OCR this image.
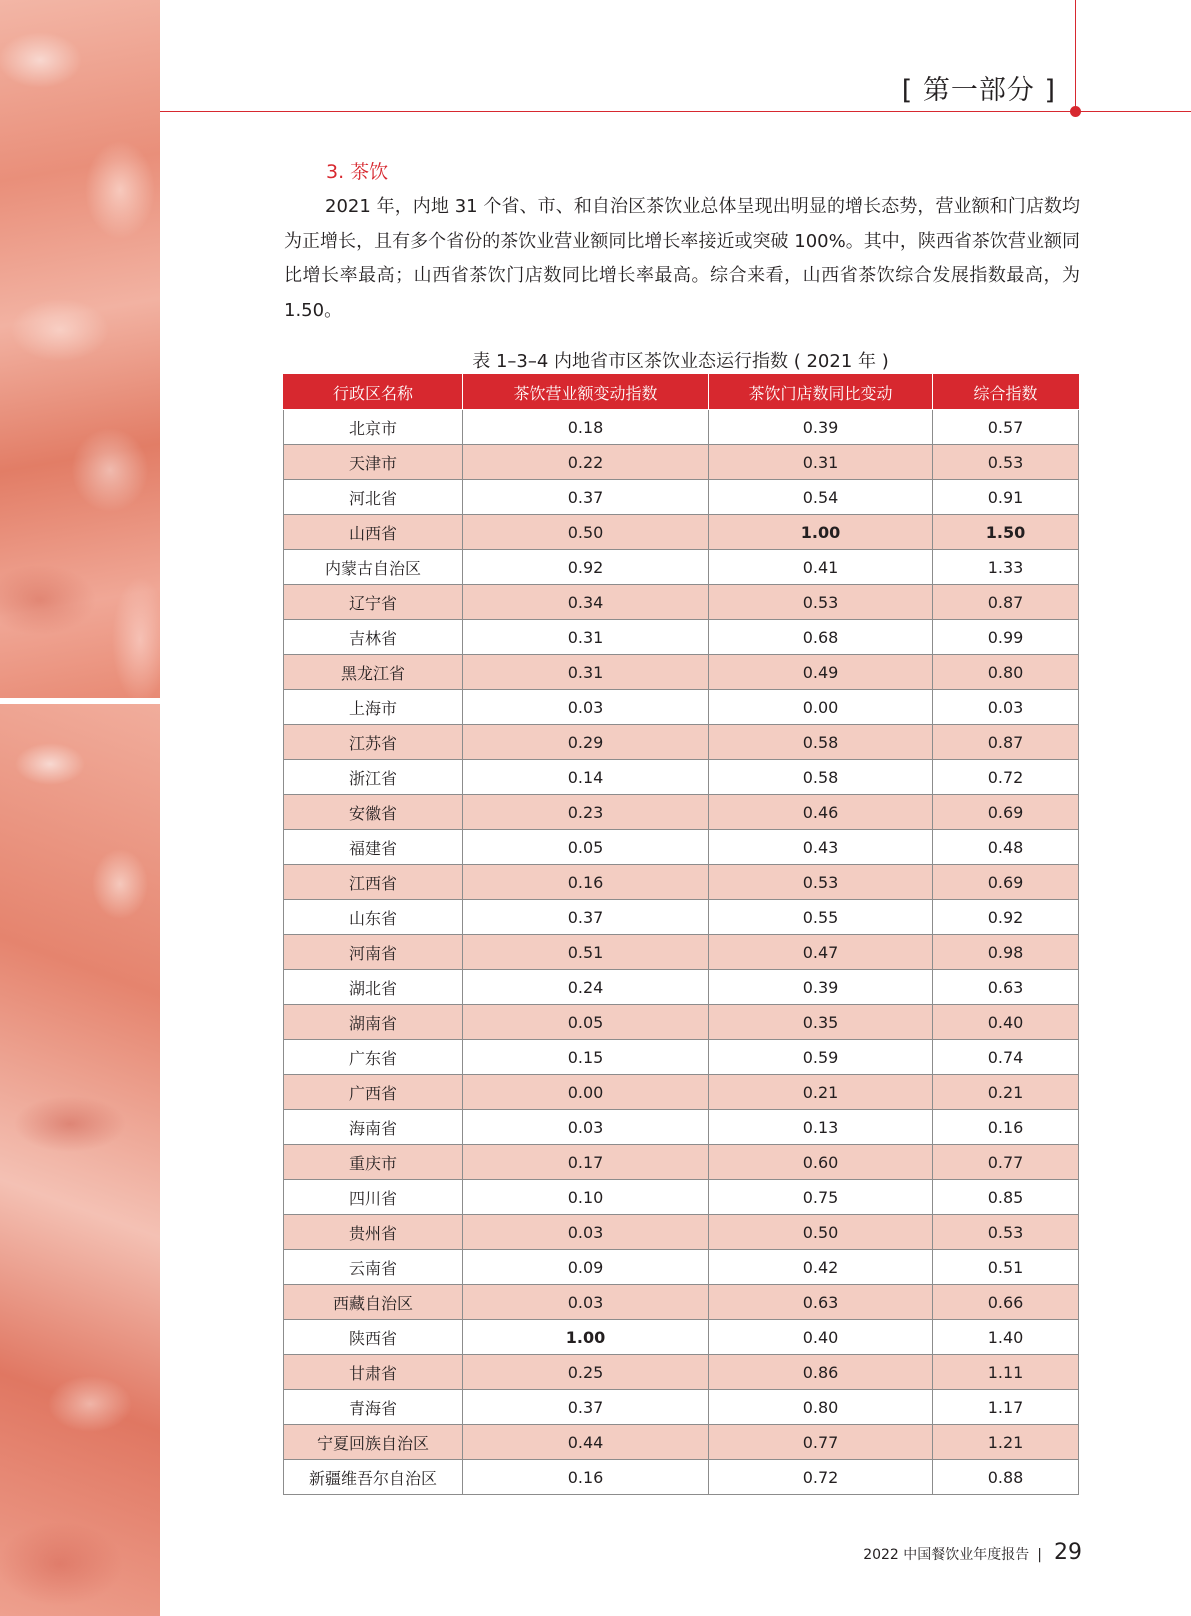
[ 第一部分 ]
3. 茶饮
2021 年，内地 31 个省、市、和自治区茶饮业总体呈现出明显的增长态势，营业额和门店数均为正增长，且有多个省份的茶饮业营业额同比增长率接近或突破 100%。其中，陕西省茶饮营业额同比增长率最高；山西省茶饮门店数同比增长率最高。综合来看，山西省茶饮综合发展指数最高，为 1.50。
表 1–3–4 内地省市区茶饮业态运行指数 ( 2021 年 )
行政区名称	茶饮营业额变动指数	茶饮门店数同比变动	综合指数
北京市	0.18	0.39	0.57
天津市	0.22	0.31	0.53
河北省	0.37	0.54	0.91
山西省	0.50	1.00	1.50
内蒙古自治区	0.92	0.41	1.33
辽宁省	0.34	0.53	0.87
吉林省	0.31	0.68	0.99
黑龙江省	0.31	0.49	0.80
上海市	0.03	0.00	0.03
江苏省	0.29	0.58	0.87
浙江省	0.14	0.58	0.72
安徽省	0.23	0.46	0.69
福建省	0.05	0.43	0.48
江西省	0.16	0.53	0.69
山东省	0.37	0.55	0.92
河南省	0.51	0.47	0.98
湖北省	0.24	0.39	0.63
湖南省	0.05	0.35	0.40
广东省	0.15	0.59	0.74
广西省	0.00	0.21	0.21
海南省	0.03	0.13	0.16
重庆市	0.17	0.60	0.77
四川省	0.10	0.75	0.85
贵州省	0.03	0.50	0.53
云南省	0.09	0.42	0.51
西藏自治区	0.03	0.63	0.66
陕西省	1.00	0.40	1.40
甘肃省	0.25	0.86	1.11
青海省	0.37	0.80	1.17
宁夏回族自治区	0.44	0.77	1.21
新疆维吾尔自治区	0.16	0.72	0.88
2022 中国餐饮业年度报告 | 29
